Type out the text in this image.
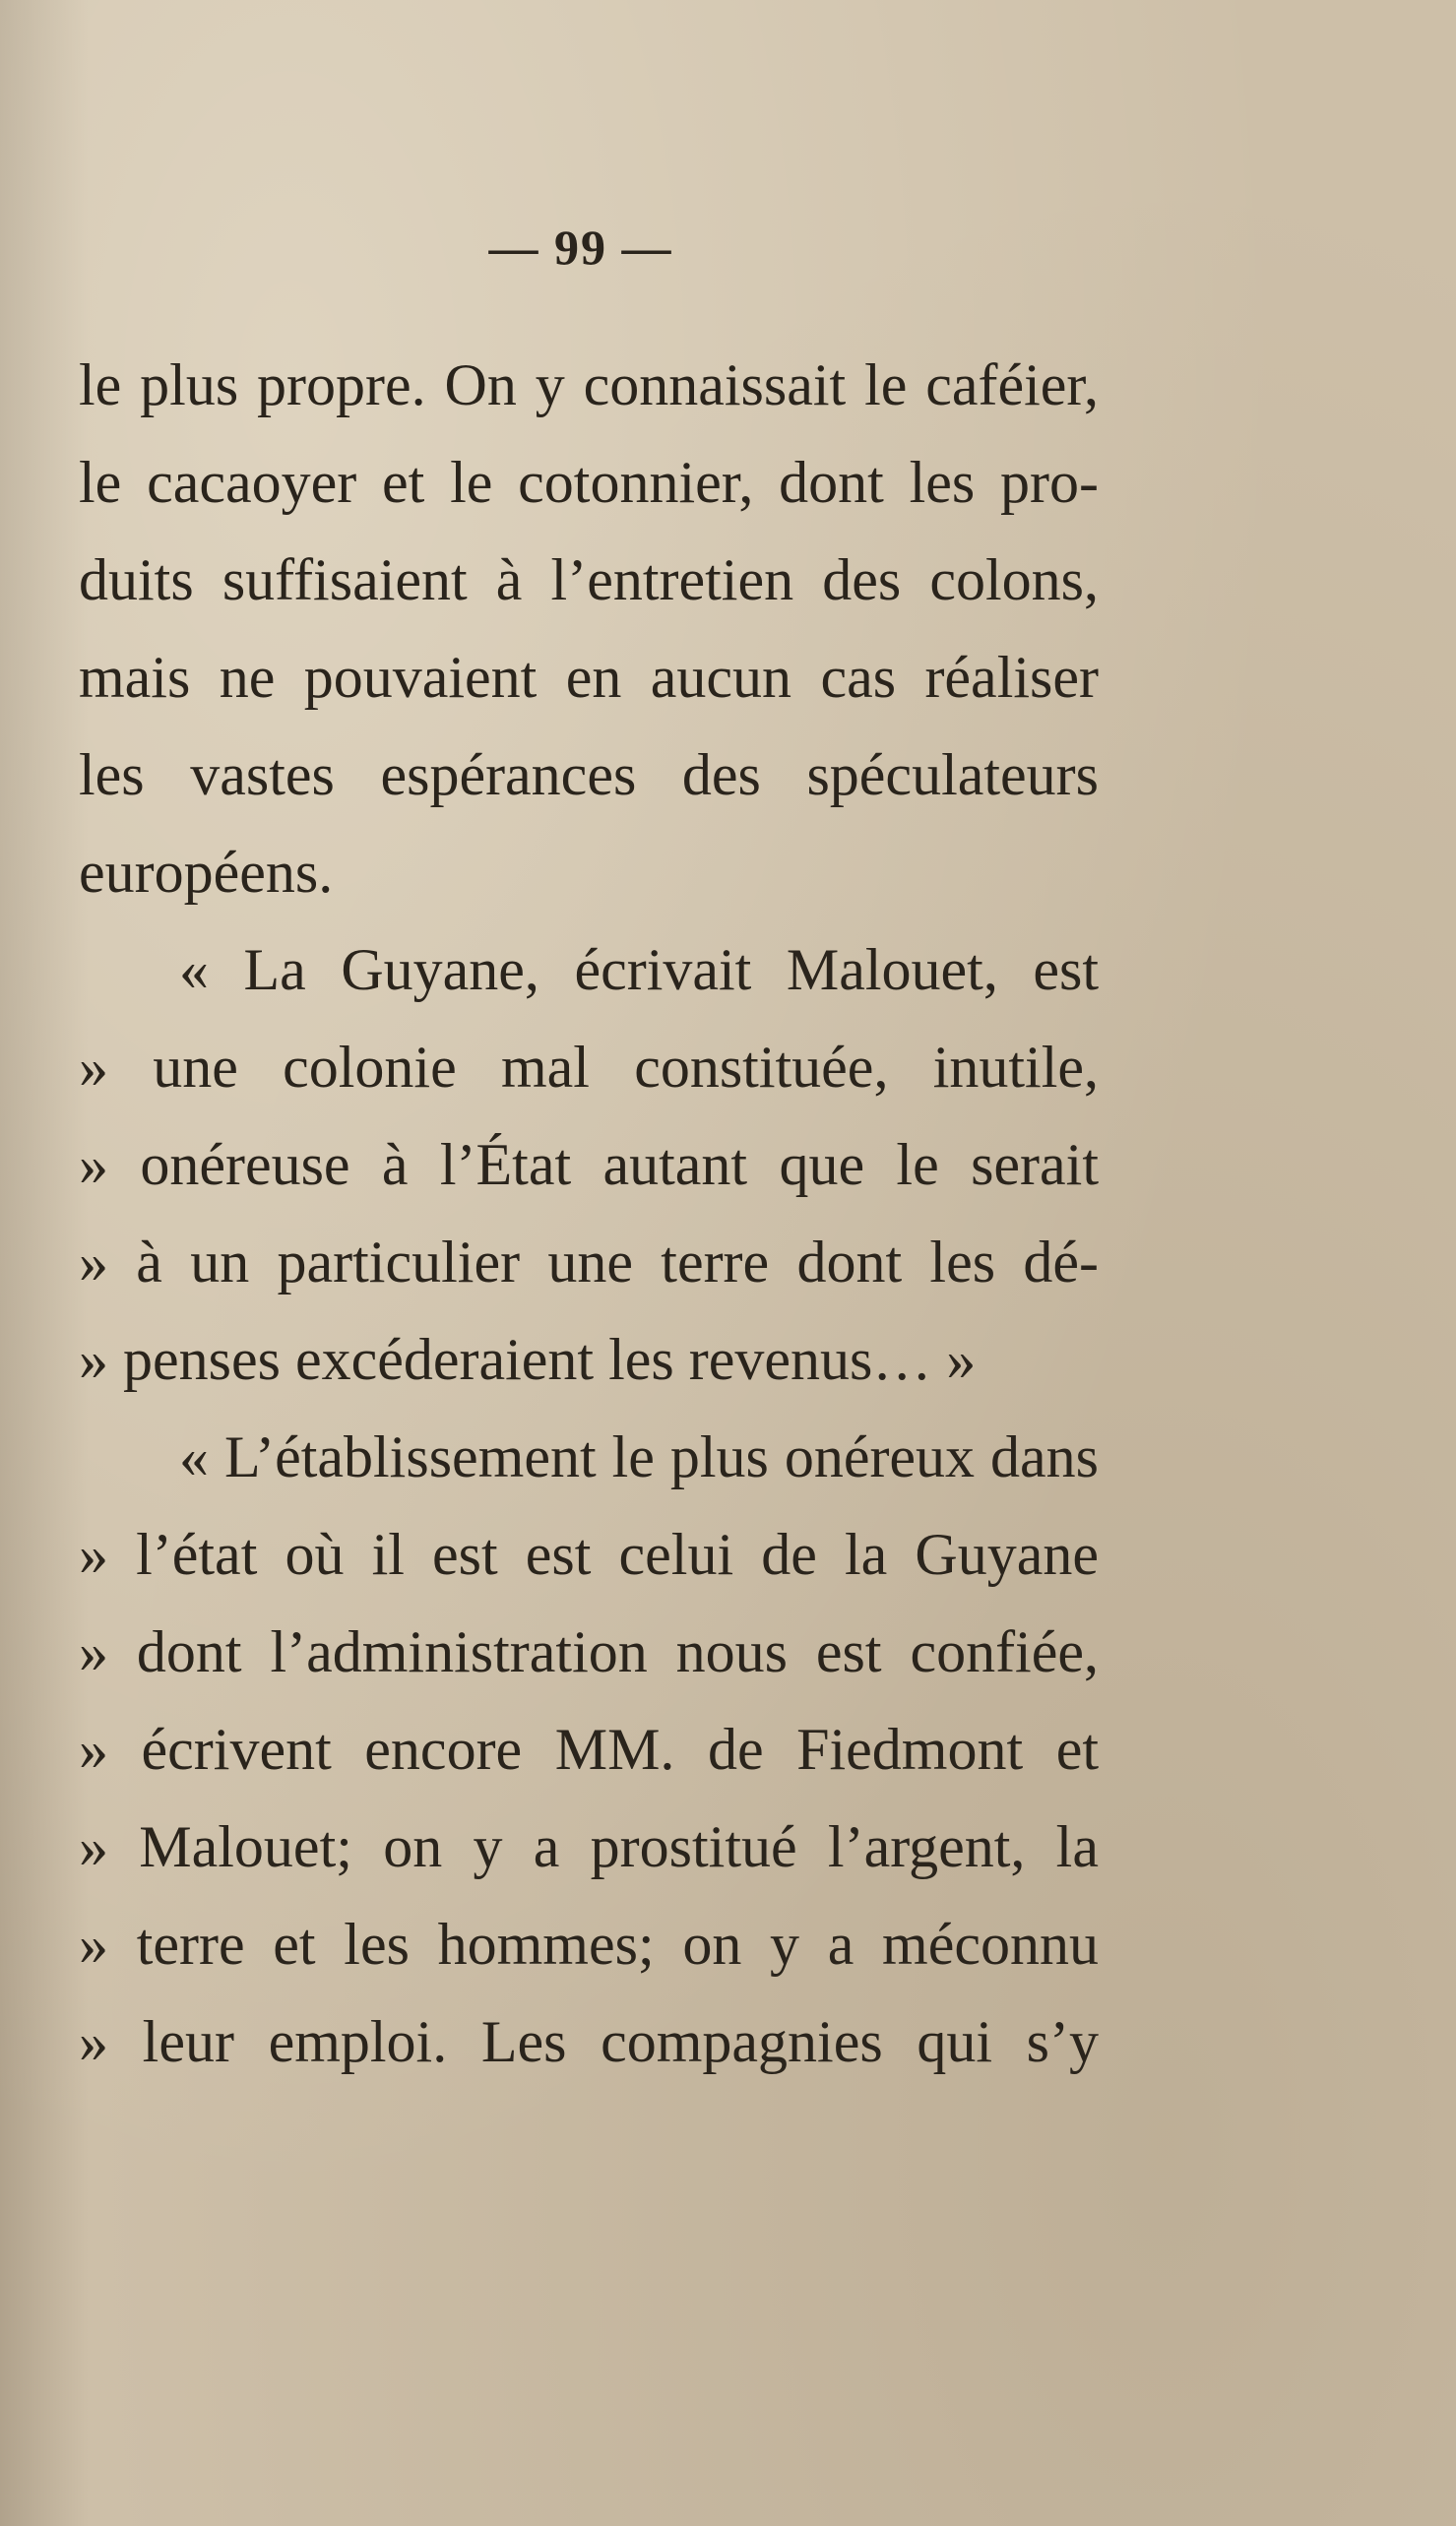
— 99 —
le plus propre. On y connaissait le caféier,
le cacaoyer et le cotonnier, dont les pro-
duits suffisaient à l’entretien des colons,
mais ne pouvaient en aucun cas réaliser
les vastes espérances des spéculateurs
européens.
« La Guyane, écrivait Malouet, est
» une colonie mal constituée, inutile,
» onéreuse à l’État autant que le serait
» à un particulier une terre dont les dé-
» penses excéderaient les revenus… »
« L’établissement le plus onéreux dans
» l’état où il est est celui de la Guyane
» dont l’administration nous est confiée,
» écrivent encore MM. de Fiedmont et
» Malouet; on y a prostitué l’argent, la
» terre et les hommes; on y a méconnu
» leur emploi. Les compagnies qui s’y
